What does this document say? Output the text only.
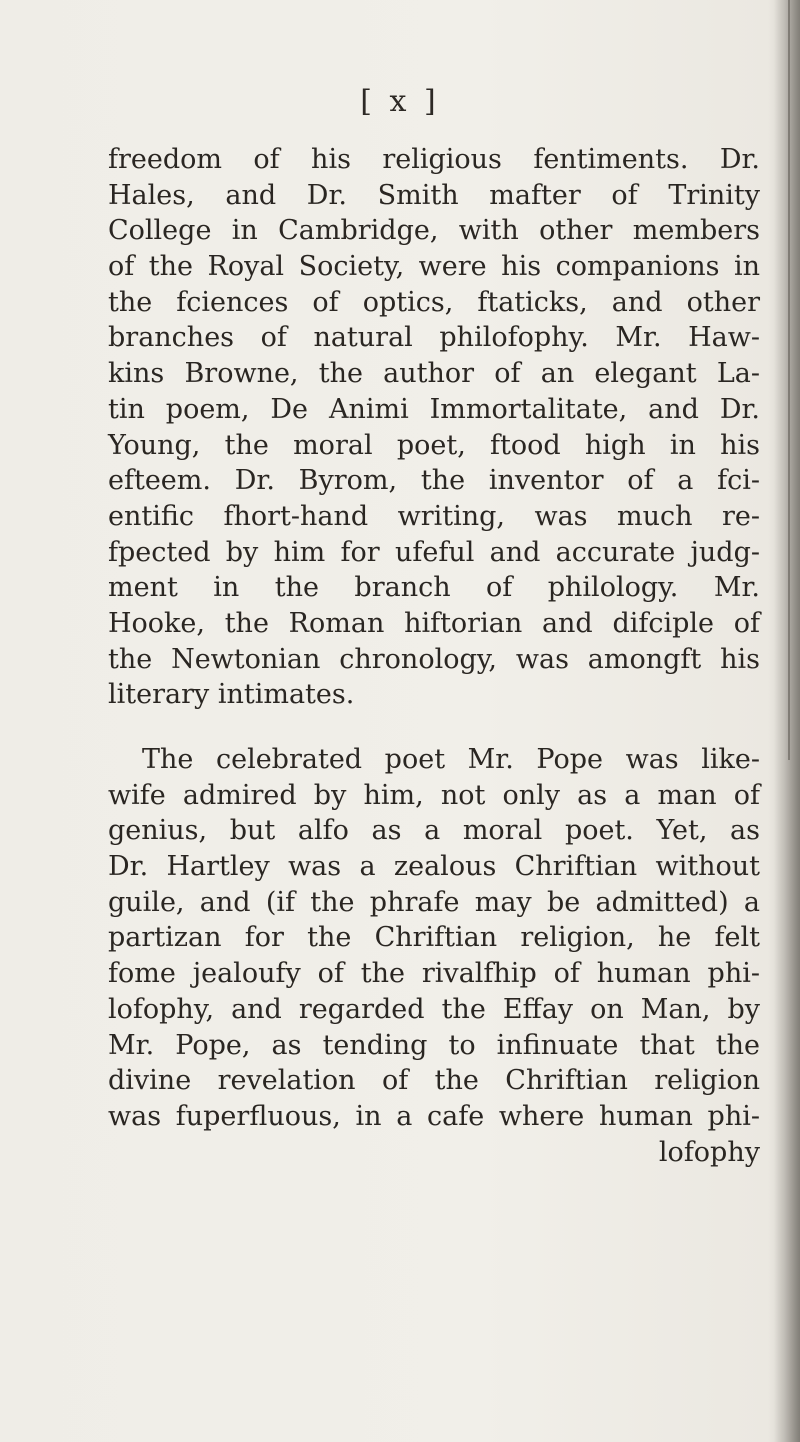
[ x ]
freedom of his religious fentiments. Dr.
Hales, and Dr. Smith mafter of Trinity
College in Cambridge, with other members
of the Royal Society, were his companions in
the fciences of optics, ftaticks, and other
branches of natural philofophy. Mr. Haw-
kins Browne, the author of an elegant La-
tin poem, De Animi Immortalitate, and Dr.
Young, the moral poet, ftood high in his
efteem. Dr. Byrom, the inventor of a fci-
entific fhort-hand writing, was much re-
fpected by him for ufeful and accurate judg-
ment in the branch of philology. Mr.
Hooke, the Roman hiftorian and difciple of
the Newtonian chronology, was amongft his
literary intimates.
The celebrated poet Mr. Pope was like-
wife admired by him, not only as a man of
genius, but alfo as a moral poet. Yet, as
Dr. Hartley was a zealous Chriftian without
guile, and (if the phrafe may be admitted) a
partizan for the Chriftian religion, he felt
fome jealoufy of the rivalfhip of human phi-
lofophy, and regarded the Effay on Man, by
Mr. Pope, as tending to infinuate that the
divine revelation of the Chriftian religion
was fuperfluous, in a cafe where human phi-
lofophy
